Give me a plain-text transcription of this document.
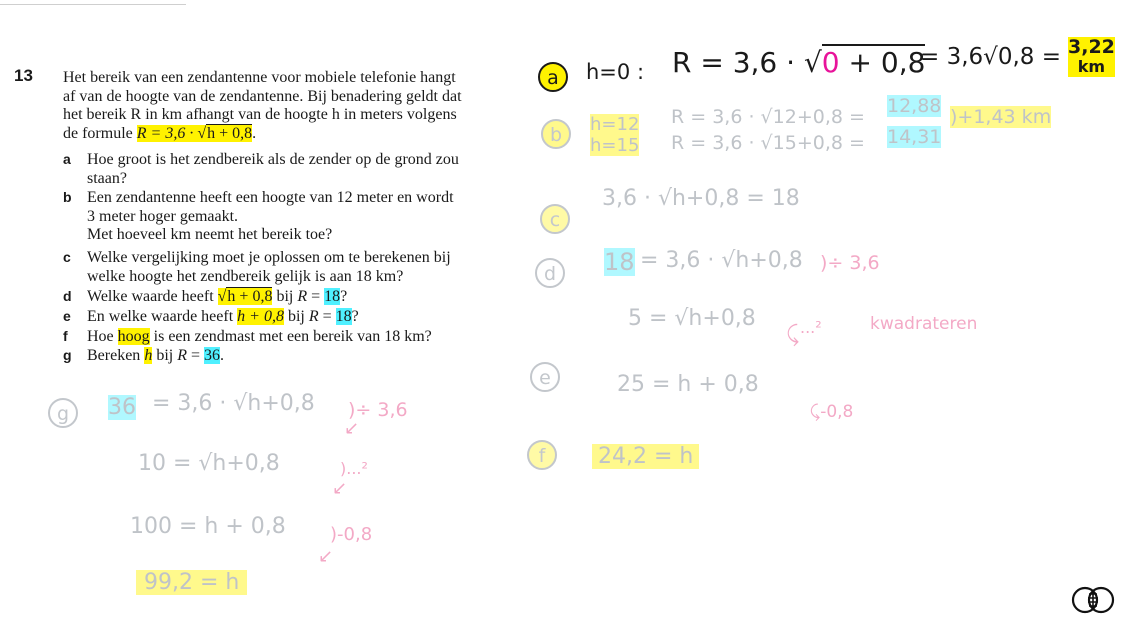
13 Het bereik van een zendantenne voor mobiele telefonie hangt
af van de hoogte van de zendantenne. Bij benadering geldt dat
het bereik R in km afhangt van de hoogte h in meters volgens
de formule R = 3,6 · √h + 0,8.
a Hoe groot is het zendbereik als de zender op de grond zou
staan?
b Een zendantenne heeft een hoogte van 12 meter en wordt
3 meter hoger gemaakt.
Met hoeveel km neemt het bereik toe?
c Welke vergelijking moet je oplossen om te berekenen bij
welke hoogte het zendbereik gelijk is aan 18 km?
d Welke waarde heeft √h + 0,8 bij R = 18?
e En welke waarde heeft h + 0,8 bij R = 18?
f Hoe hoog is een zendmast met een bereik van 18 km?
g Bereken h bij R = 36.
a	h=0 : R = 3,6 · √0 + 0,8
= 3,6√0,8 = 3,22
km
b	h=12
h=15
R = 3,6 · √12+0,8 = 12,88
R = 3,6 · √15+0,8 = 14,31
)+1,43 km
c
3,6 · √h+0,8 = 18
d	18 = 3,6 · √h+0,8 )÷ 3,6
5 = √h+0,8	...²	kwadrateren
⤹
e	25 = h + 0,8
⤹-0,8
f	24,2 = h
g	36 = 3,6 · √h+0,8 )÷ 3,6
10 = √h+0,8	)...²
100 = h + 0,8 )-0,8
99,2 = h
↙
↙
↙
